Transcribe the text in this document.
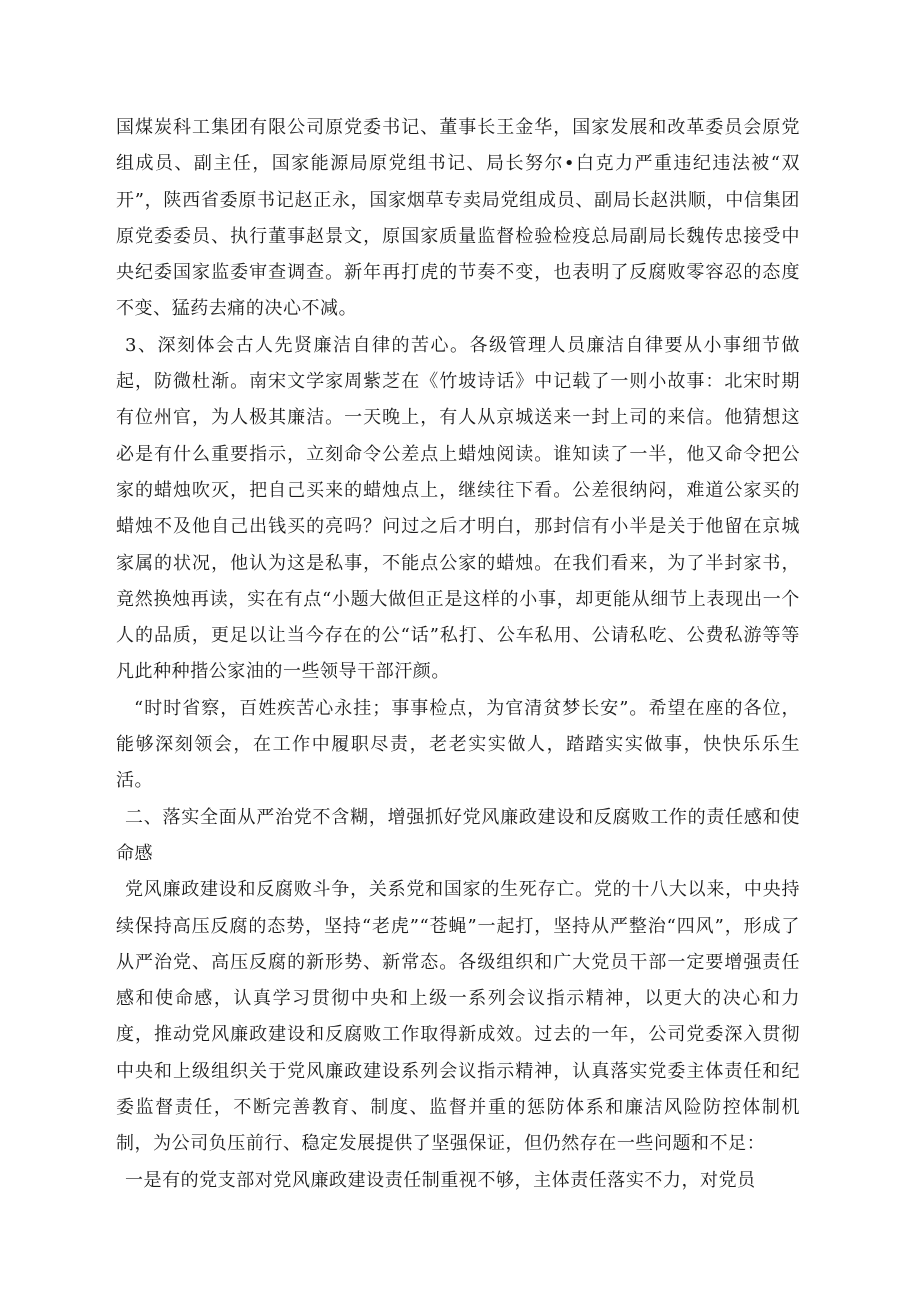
国煤炭科工集团有限公司原党委书记、董事长王金华，国家发展和改革委员会原党组成员、副主任，国家能源局原党组书记、局长努尔•白克力严重违纪违法被“双开”，陕西省委原书记赵正永，国家烟草专卖局党组成员、副局长赵洪顺，中信集团原党委委员、执行董事赵景文，原国家质量监督检验检疫总局副局长魏传忠接受中央纪委国家监委审查调查。新年再打虎的节奏不变，也表明了反腐败零容忍的态度不变、猛药去痛的决心不减。

3、深刻体会古人先贤廉洁自律的苦心。各级管理人员廉洁自律要从小事细节做起，防微杜渐。南宋文学家周紫芝在《竹坡诗话》中记载了一则小故事：北宋时期有位州官，为人极其廉洁。一天晚上，有人从京城送来一封上司的来信。他猜想这必是有什么重要指示，立刻命令公差点上蜡烛阅读。谁知读了一半，他又命令把公家的蜡烛吹灭，把自己买来的蜡烛点上，继续往下看。公差很纳闷，难道公家买的蜡烛不及他自己出钱买的亮吗？问过之后才明白，那封信有小半是关于他留在京城家属的状况，他认为这是私事，不能点公家的蜡烛。在我们看来，为了半封家书，竟然换烛再读，实在有点“小题大做但正是这样的小事，却更能从细节上表现出一个人的品质，更足以让当今存在的公“话”私打、公车私用、公请私吃、公费私游等等凡此种种揩公家油的一些领导干部汗颜。

“时时省察，百姓疾苦心永挂；事事检点，为官清贫梦长安”。希望在座的各位，能够深刻领会，在工作中履职尽责，老老实实做人，踏踏实实做事，快快乐乐生活。

二、落实全面从严治党不含糊，增强抓好党风廉政建设和反腐败工作的责任感和使命感

党风廉政建设和反腐败斗争，关系党和国家的生死存亡。党的十八大以来，中央持续保持高压反腐的态势，坚持“老虎”“苍蝇”一起打，坚持从严整治“四风”，形成了从严治党、高压反腐的新形势、新常态。各级组织和广大党员干部一定要增强责任感和使命感，认真学习贯彻中央和上级一系列会议指示精神，以更大的决心和力度，推动党风廉政建设和反腐败工作取得新成效。过去的一年，公司党委深入贯彻中央和上级组织关于党风廉政建设系列会议指示精神，认真落实党委主体责任和纪委监督责任，不断完善教育、制度、监督并重的惩防体系和廉洁风险防控体制机制，为公司负压前行、稳定发展提供了坚强保证，但仍然存在一些问题和不足：

一是有的党支部对党风廉政建设责任制重视不够，主体责任落实不力，对党员
